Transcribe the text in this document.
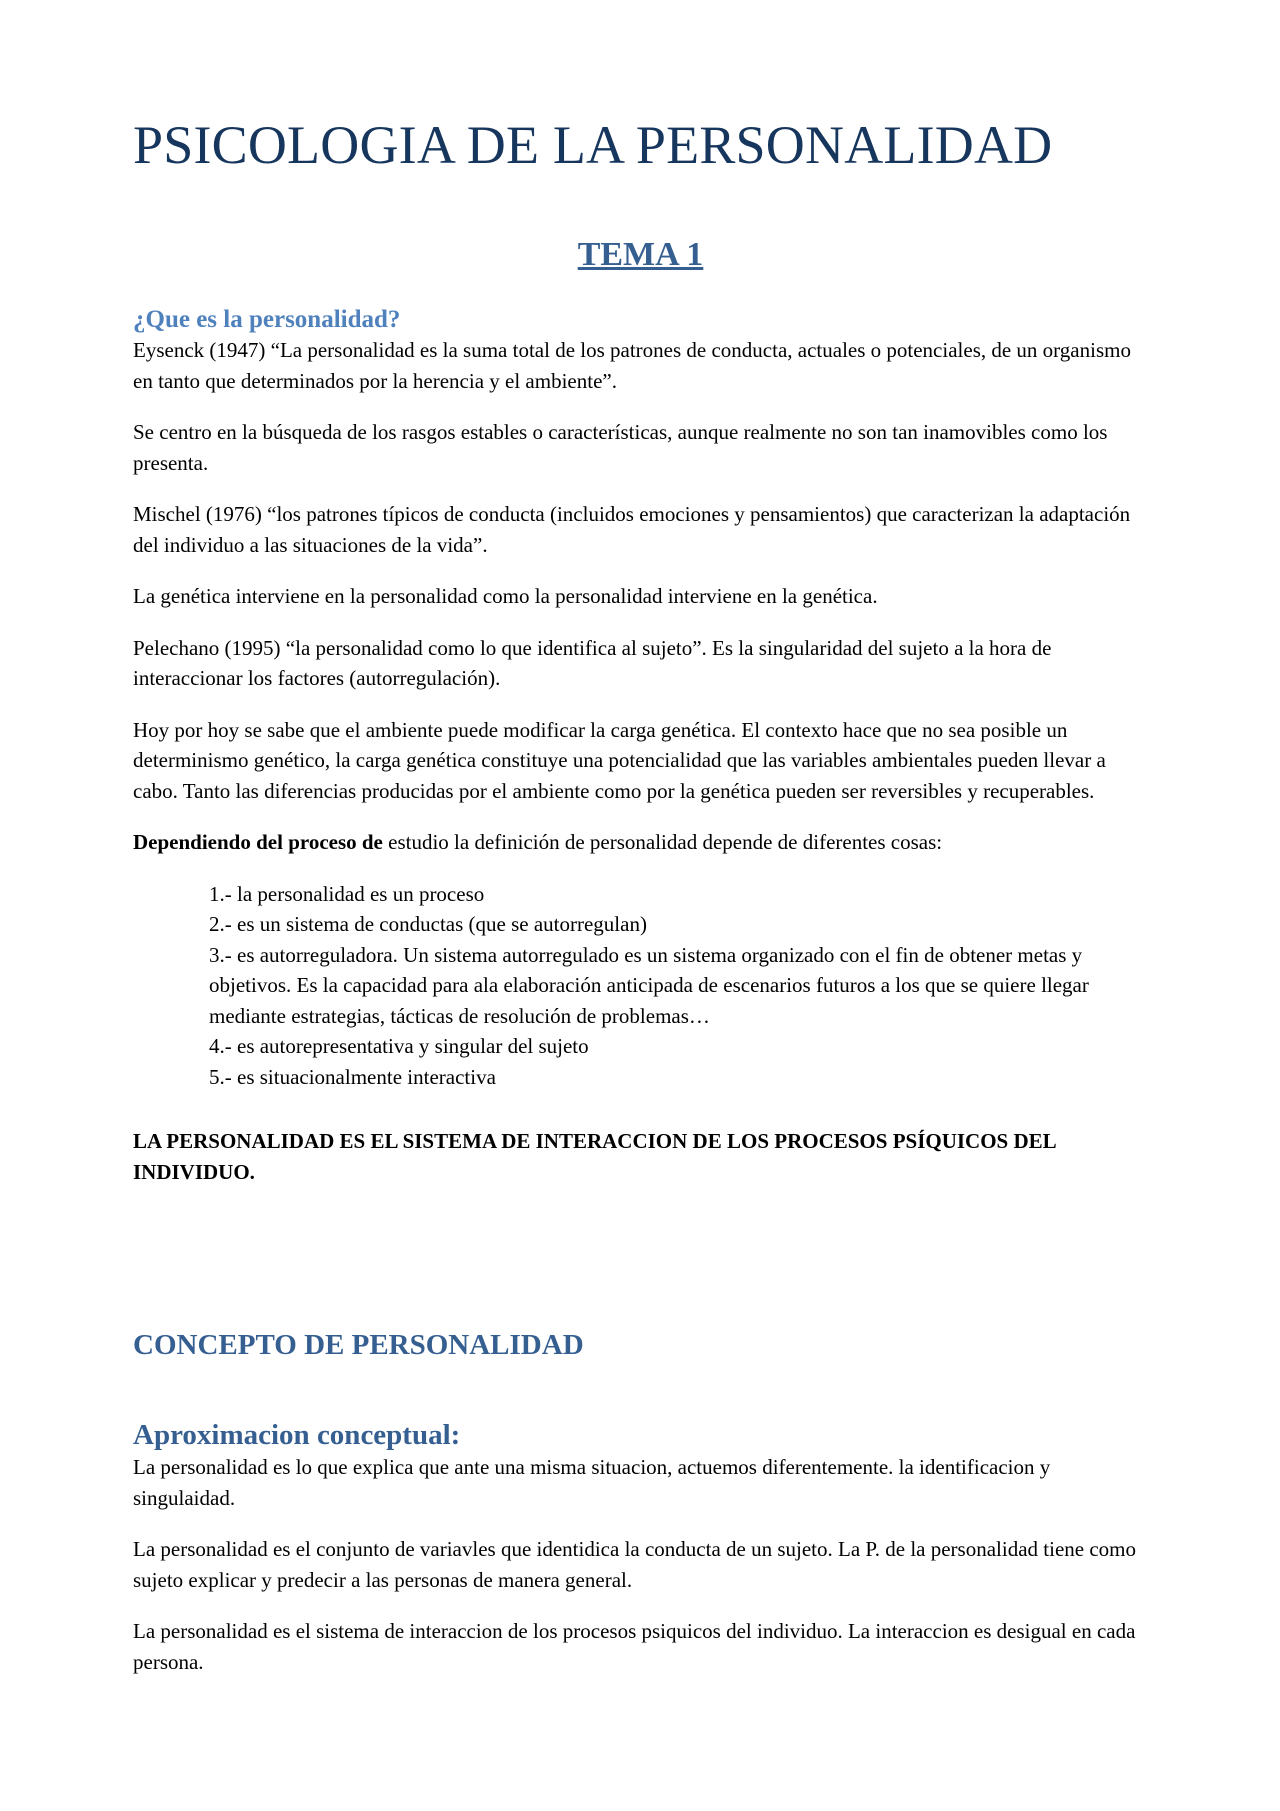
PSICOLOGIA DE LA PERSONALIDAD
TEMA 1
¿Que es la personalidad?

Eysenck (1947) “La personalidad es la suma total de los patrones de conducta, actuales o potenciales, de un organismo en tanto que determinados por la herencia y el ambiente”.

Se centro en la búsqueda de los rasgos estables o características, aunque realmente no son tan inamovibles como los presenta.

Mischel (1976) “los patrones típicos de conducta (incluidos emociones y pensamientos) que caracterizan la adaptación del individuo a las situaciones de la vida”.

La genética interviene en la personalidad como la personalidad interviene en la genética.

Pelechano (1995) “la personalidad como lo que identifica al sujeto”. Es la singularidad del sujeto a la hora de interaccionar los factores (autorregulación).

Hoy por hoy se sabe que el ambiente puede modificar la carga genética. El contexto hace que no sea posible un determinismo genético, la carga genética constituye una potencialidad que las variables ambientales pueden llevar a cabo. Tanto las diferencias producidas por el ambiente como por la genética pueden ser reversibles y recuperables.

Dependiendo del proceso de estudio la definición de personalidad depende de diferentes cosas:

1.- la personalidad es un proceso
2.- es un sistema de conductas (que se autorregulan)
3.- es autorreguladora. Un sistema autorregulado es un sistema organizado con el fin de obtener metas y objetivos. Es la capacidad para ala elaboración anticipada de escenarios futuros a los que se quiere llegar mediante estrategias, tácticas de resolución de problemas…
4.- es autorepresentativa y singular del sujeto
5.- es situacionalmente interactiva

LA PERSONALIDAD ES EL SISTEMA DE INTERACCION DE LOS PROCESOS PSÍQUICOS DEL INDIVIDUO.

CONCEPTO DE PERSONALIDAD
Aproximacion conceptual:

La personalidad es lo que explica que ante una misma situacion, actuemos diferentemente. la identificacion y singulaidad.

La personalidad es el conjunto de variavles que identidica la conducta de un sujeto. La P. de la personalidad tiene como sujeto explicar y predecir a las personas de manera general.

La personalidad es el sistema de interaccion de los procesos psiquicos del individuo. La interaccion es desigual en cada persona.
